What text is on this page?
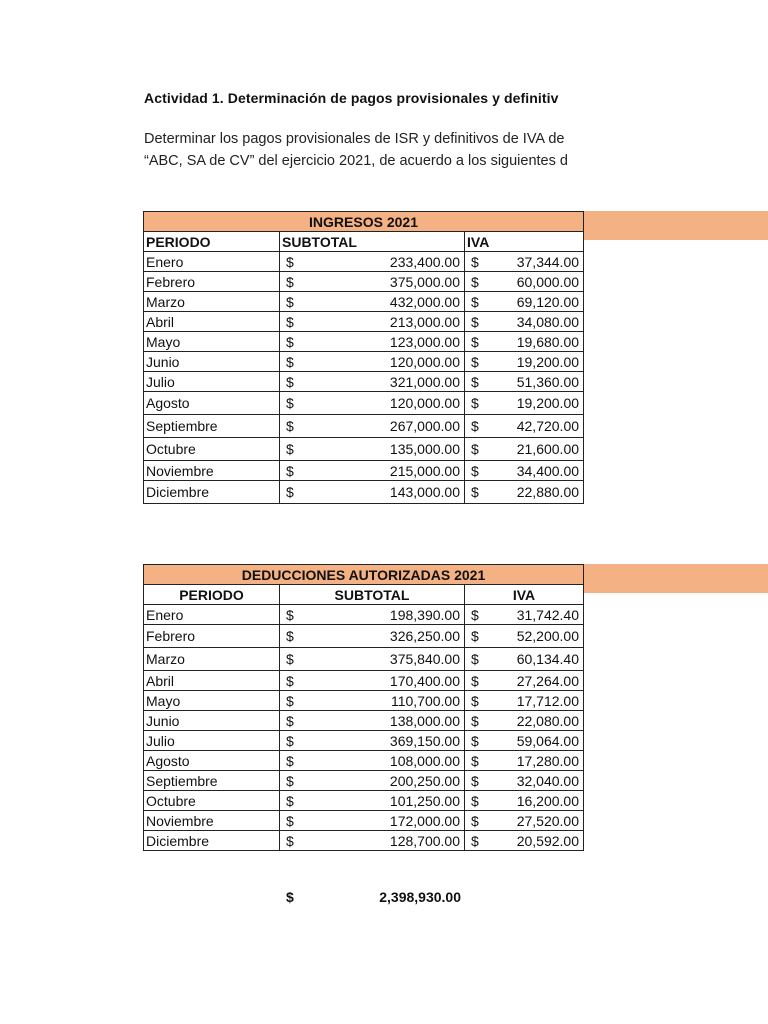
Actividad 1. Determinación de pagos provisionales y definitiv
Determinar los pagos provisionales de ISR y definitivos de IVA de
“ABC, SA de CV” del ejercicio 2021, de acuerdo a los siguientes d
INGRESOS 2021		
PERIODO	SUBTOTAL	IVA
Enero	$ 233,400.00	$ 37,344.00

Febrero	$ 375,000.00	$ 60,000.00

Marzo	$ 432,000.00	$ 69,120.00

Abril	$ 213,000.00	$ 34,080.00

Mayo	$ 123,000.00	$ 19,680.00

Junio	$ 120,000.00	$ 19,200.00

Julio	$ 321,000.00	$ 51,360.00

Agosto	$ 120,000.00	$ 19,200.00

Septiembre	$ 267,000.00	$ 42,720.00

Octubre	$ 135,000.00	$ 21,600.00

Noviembre	$ 215,000.00	$ 34,400.00

Diciembre	$ 143,000.00	$ 22,880.00
DEDUCCIONES AUTORIZADAS 2021		
PERIODO	SUBTOTAL	IVA
Enero	$ 198,390.00	$ 31,742.40

Febrero	$ 326,250.00	$ 52,200.00

Marzo	$ 375,840.00	$ 60,134.40

Abril	$ 170,400.00	$ 27,264.00

Mayo	$ 110,700.00	$ 17,712.00

Junio	$ 138,000.00	$ 22,080.00

Julio	$ 369,150.00	$ 59,064.00

Agosto	$ 108,000.00	$ 17,280.00

Septiembre	$ 200,250.00	$ 32,040.00

Octubre	$ 101,250.00	$ 16,200.00

Noviembre	$ 172,000.00	$ 27,520.00

Diciembre	$ 128,700.00	$ 20,592.00
$	2,398,930.00
